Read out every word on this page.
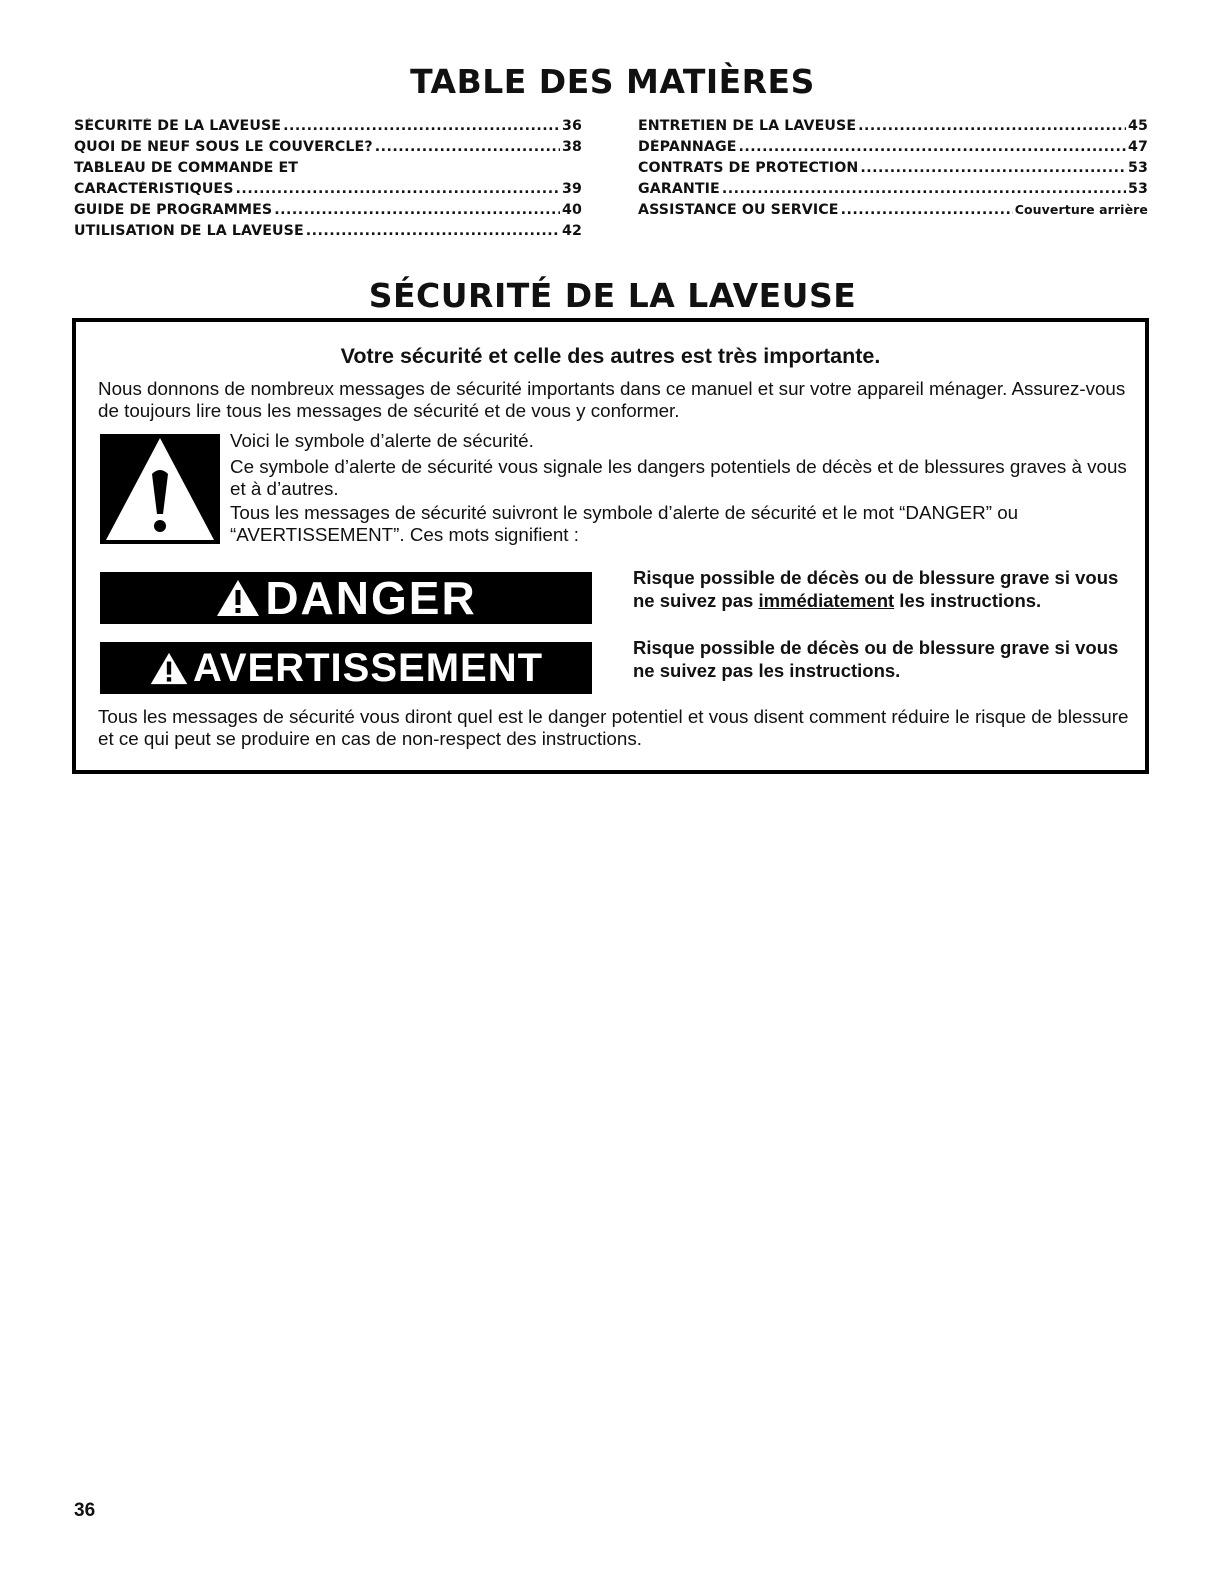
TABLE DES MATIÈRES
SÉCURITÉ DE LA LAVEUSE .....	36
QUOI DE NEUF SOUS LE COUVERCLE? .....	38
TABLEAU DE COMMANDE ET
CARACTÉRISTIQUES .....	39
GUIDE DE PROGRAMMES .....	40
UTILISATION DE LA LAVEUSE .....	42
ENTRETIEN DE LA LAVEUSE .....	45
DÉPANNAGE .....	47
CONTRATS DE PROTECTION .....	53
GARANTIE .....	53
ASSISTANCE OU SERVICE .....	Couverture arrière
SÉCURITÉ DE LA LAVEUSE
Votre sécurité et celle des autres est très importante.

Nous donnons de nombreux messages de sécurité importants dans ce manuel et sur votre appareil ménager. Assurez-vous de toujours lire tous les messages de sécurité et de vous y conformer.

Voici le symbole d’alerte de sécurité.

Ce symbole d’alerte de sécurité vous signale les dangers potentiels de décès et de blessures graves à vous et à d’autres.

Tous les messages de sécurité suivront le symbole d’alerte de sécurité et le mot “DANGER” ou “AVERTISSEMENT”. Ces mots signifient :

DANGER	Risque possible de décès ou de blessure grave si vous ne suivez pas immédiatement les instructions.

AVERTISSEMENT	Risque possible de décès ou de blessure grave si vous ne suivez pas les instructions.

Tous les messages de sécurité vous diront quel est le danger potentiel et vous disent comment réduire le risque de blessure et ce qui peut se produire en cas de non-respect des instructions.

36
